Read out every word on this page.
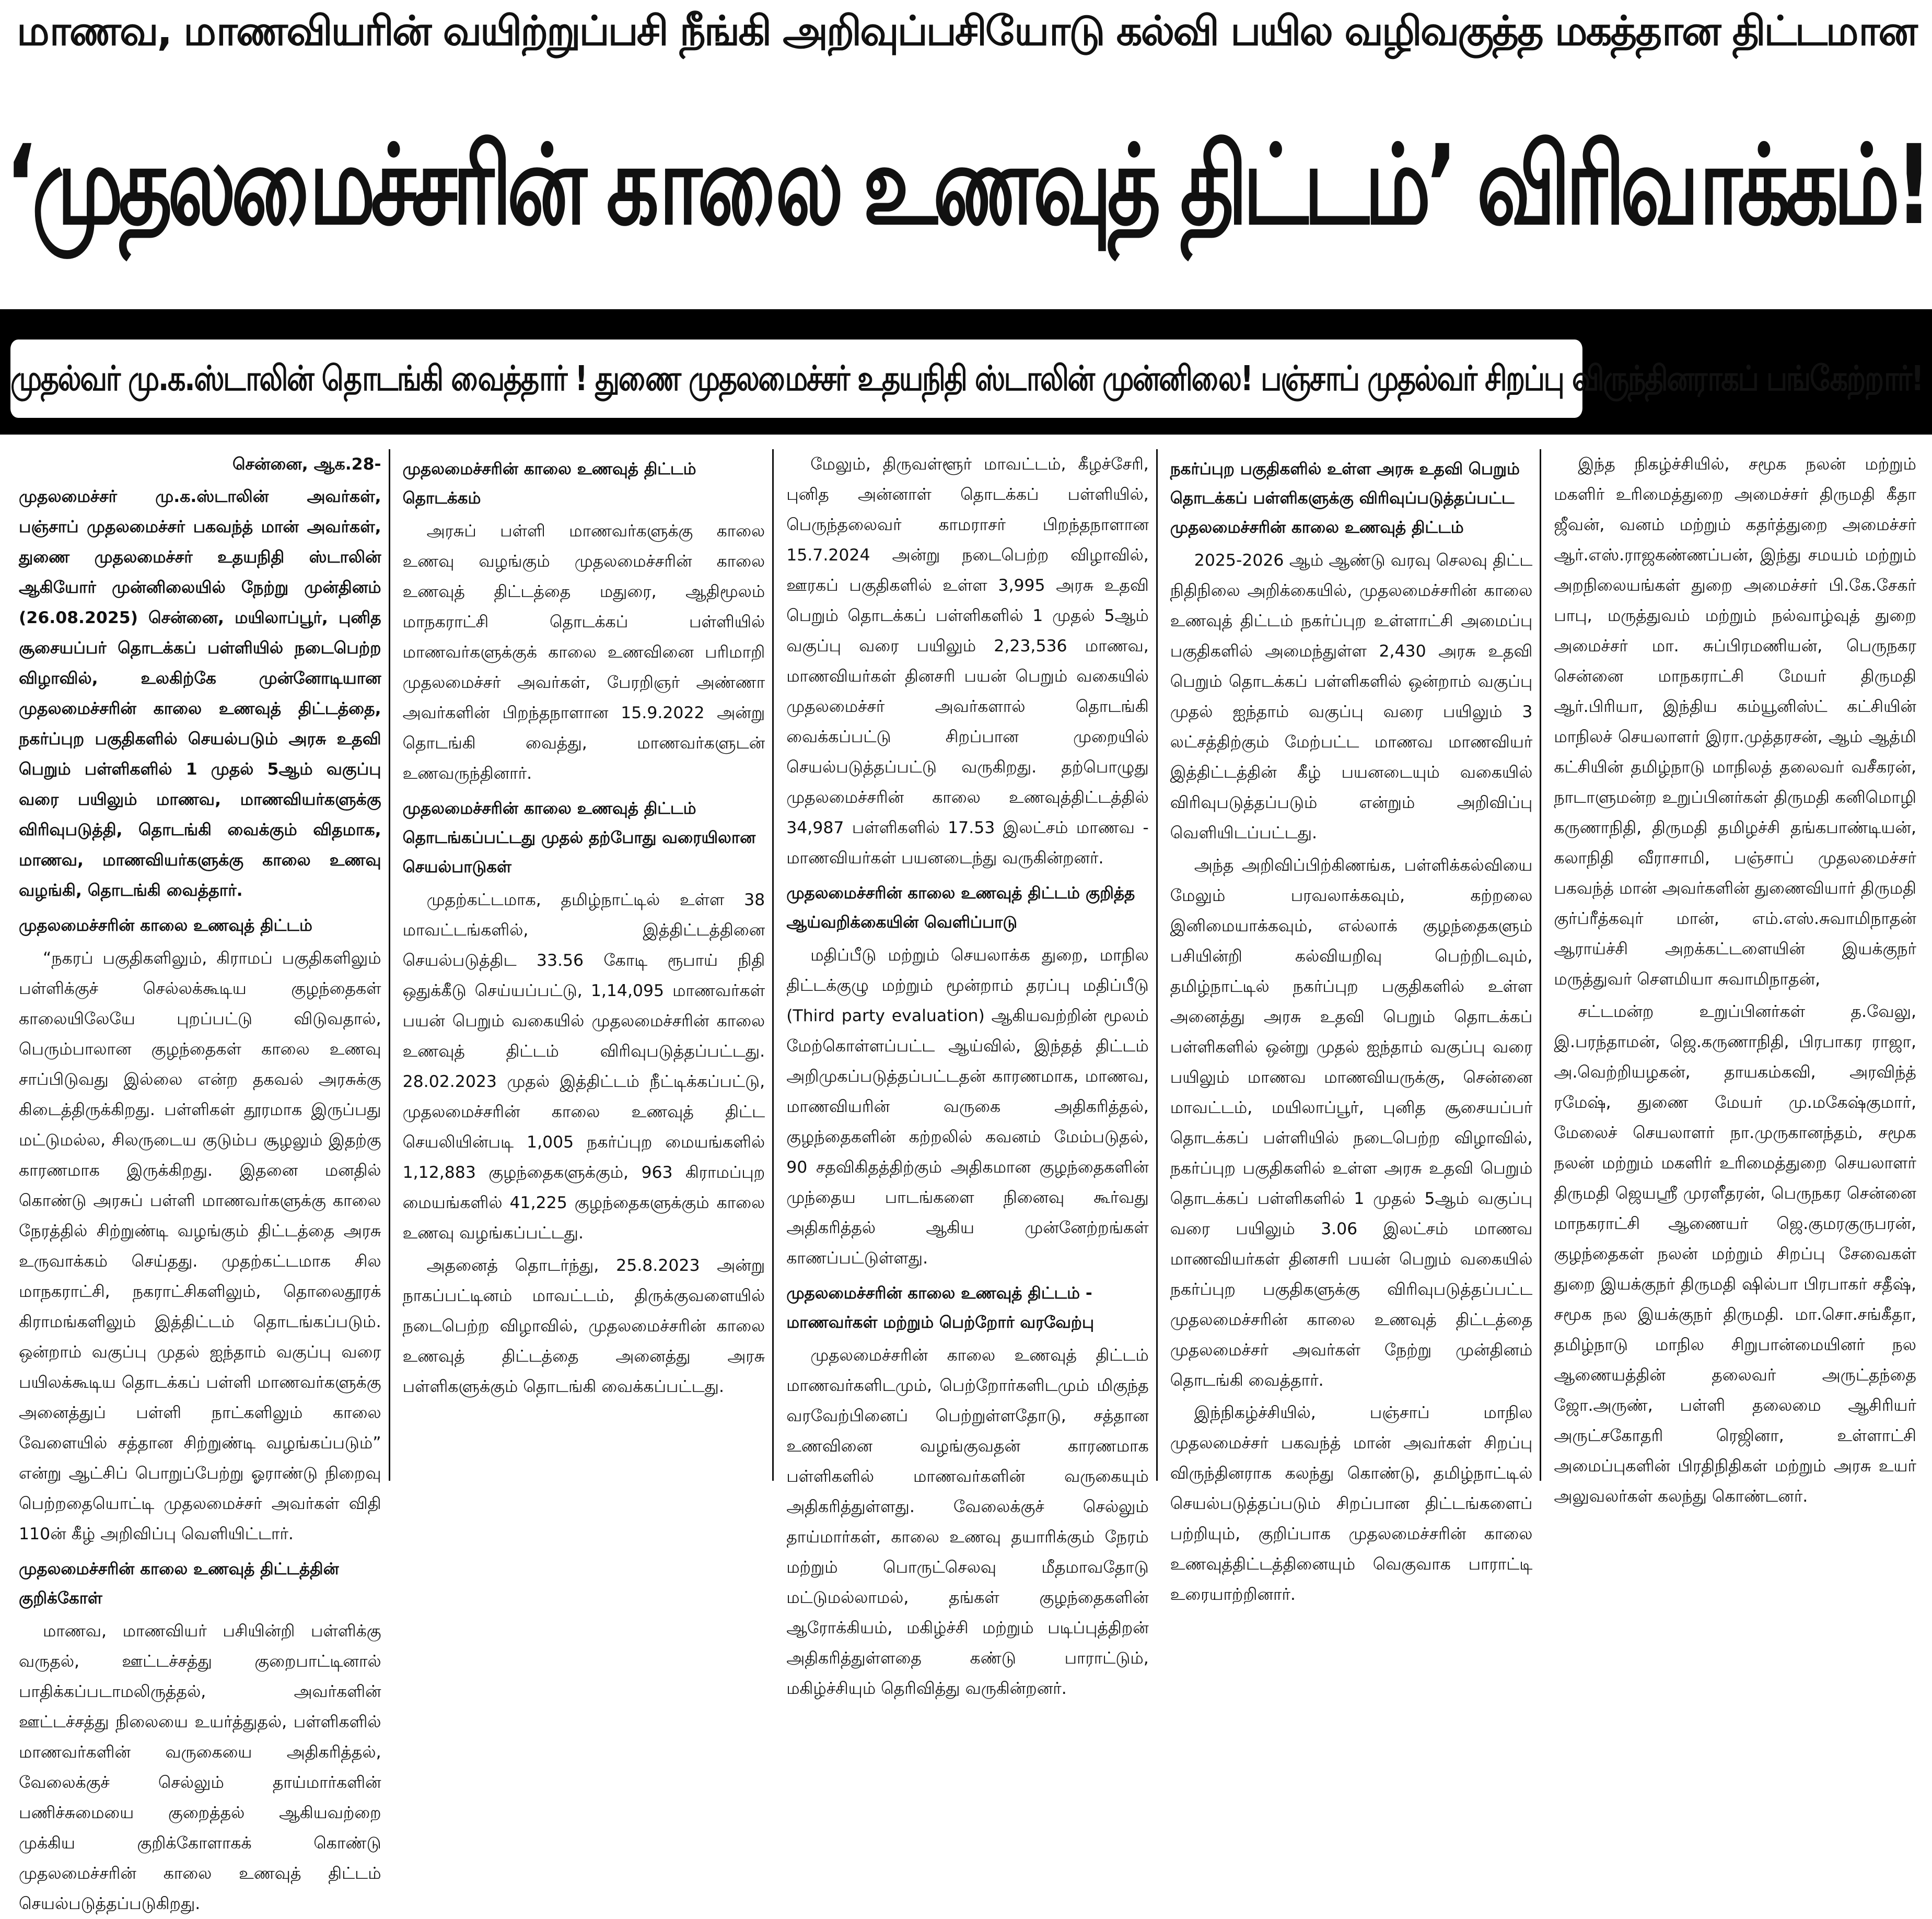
மாணவ, மாணவியரின் வயிற்றுப்பசி நீங்கி அறிவுப்பசியோடு கல்வி பயில வழிவகுத்த மகத்தான திட்டமான
‘முதலமைச்சரின் காலை உணவுத் திட்டம்’ விரிவாக்கம்!
முதல்வர் மு.க.ஸ்டாலின் தொடங்கி வைத்தார் ! துணை முதலமைச்சர் உதயநிதி ஸ்டாலின் முன்னிலை! பஞ்சாப் முதல்வர் சிறப்பு விருந்தினராகப் பங்கேற்றார்!

சென்னை, ஆக.28-

முதலமைச்சர் மு.க.ஸ்டாலின் அவர்கள், பஞ்சாப் முதலமைச்சர் பகவந்த் மான் அவர்கள், துணை முதலமைச்சர் உதயநிதி ஸ்டாலின் ஆகியோர் முன்னிலையில் நேற்று முன்தினம் (26.08.2025) சென்னை, மயிலாப்பூர், புனித சூசையப்பர் தொடக்கப் பள்ளியில் நடைபெற்ற விழாவில், உலகிற்கே முன்னோடியான முதலமைச்சரின் காலை உணவுத் திட்டத்தை, நகர்ப்புற பகுதிகளில் செயல்படும் அரசு உதவி பெறும் பள்ளிகளில் 1 முதல் 5ஆம் வகுப்பு வரை பயிலும் மாணவ, மாணவியர்களுக்கு விரிவுபடுத்தி, தொடங்கி வைக்கும் விதமாக, மாணவ, மாணவியர்களுக்கு காலை உணவு வழங்கி, தொடங்கி வைத்தார்.

முதலமைச்சரின் காலை உணவுத் திட்டம்

“நகரப் பகுதிகளிலும், கிராமப் பகுதிகளிலும் பள்ளிக்குச் செல்லக்கூடிய குழந்தைகள் காலையிலேயே புறப்பட்டு விடுவதால், பெரும்பாலான குழந்தைகள் காலை உணவு சாப்பிடுவது இல்லை என்ற தகவல் அரசுக்கு கிடைத்திருக்கிறது. பள்ளிகள் தூரமாக இருப்பது மட்டுமல்ல, சிலருடைய குடும்ப சூழலும் இதற்கு காரணமாக இருக்கிறது. இதனை மனதில் கொண்டு அரசுப் பள்ளி மாணவர்களுக்கு காலை நேரத்தில் சிற்றுண்டி வழங்கும் திட்டத்தை அரசு உருவாக்கம் செய்தது. முதற்கட்டமாக சில மாநகராட்சி, நகராட்சிகளிலும், தொலைதூரக் கிராமங்களிலும் இத்திட்டம் தொடங்கப்படும். ஒன்றாம் வகுப்பு முதல் ஐந்தாம் வகுப்பு வரை பயிலக்கூடிய தொடக்கப் பள்ளி மாணவர்களுக்கு அனைத்துப் பள்ளி நாட்களிலும் காலை வேளையில் சத்தான சிற்றுண்டி வழங்கப்படும்” என்று ஆட்சிப் பொறுப்பேற்று ஓராண்டு நிறைவு பெற்றதையொட்டி முதலமைச்சர் அவர்கள் விதி 110ன் கீழ் அறிவிப்பு வெளியிட்டார்.

முதலமைச்சரின் காலை உணவுத் திட்டத்தின் குறிக்கோள்

மாணவ, மாணவியர் பசியின்றி பள்ளிக்கு வருதல், ஊட்டச்சத்து குறைபாட்டினால் பாதிக்கப்படாமலிருத்தல், அவர்களின் ஊட்டச்சத்து நிலையை உயர்த்துதல், பள்ளிகளில் மாணவர்களின் வருகையை அதிகரித்தல், வேலைக்குச் செல்லும் தாய்மார்களின் பணிச்சுமையை குறைத்தல் ஆகியவற்றை முக்கிய குறிக்கோளாகக் கொண்டு முதலமைச்சரின் காலை உணவுத் திட்டம் செயல்படுத்தப்படுகிறது.

முதலமைச்சரின் காலை உணவுத் திட்டம் தொடக்கம்

அரசுப் பள்ளி மாணவர்களுக்கு காலை உணவு வழங்கும் முதலமைச்சரின் காலை உணவுத் திட்டத்தை மதுரை, ஆதிமூலம் மாநகராட்சி தொடக்கப் பள்ளியில் மாணவர்களுக்குக் காலை உணவினை பரிமாறி முதலமைச்சர் அவர்கள், பேரறிஞர் அண்ணா அவர்களின் பிறந்தநாளான 15.9.2022 அன்று தொடங்கி வைத்து, மாணவர்களுடன் உணவருந்தினார்.

முதலமைச்சரின் காலை உணவுத் திட்டம் தொடங்கப்பட்டது முதல் தற்போது வரையிலான செயல்பாடுகள்

முதற்கட்டமாக, தமிழ்நாட்டில் உள்ள 38 மாவட்டங்களில், இத்திட்டத்தினை செயல்படுத்திட 33.56 கோடி ரூபாய் நிதி ஒதுக்கீடு செய்யப்பட்டு, 1,14,095 மாணவர்கள் பயன் பெறும் வகையில் முதலமைச்சரின் காலை உணவுத் திட்டம் விரிவுபடுத்தப்பட்டது. 28.02.2023 முதல் இத்திட்டம் நீட்டிக்கப்பட்டு, முதலமைச்சரின் காலை உணவுத் திட்ட செயலியின்படி 1,005 நகர்ப்புற மையங்களில் 1,12,883 குழந்தைகளுக்கும், 963 கிராமப்புற மையங்களில் 41,225 குழந்தைகளுக்கும் காலை உணவு வழங்கப்பட்டது.

அதனைத் தொடர்ந்து, 25.8.2023 அன்று நாகப்பட்டினம் மாவட்டம், திருக்குவளையில் நடைபெற்ற விழாவில், முதலமைச்சரின் காலை உணவுத் திட்டத்தை அனைத்து அரசு பள்ளிகளுக்கும் தொடங்கி வைக்கப்பட்டது.

மேலும், திருவள்ளூர் மாவட்டம், கீழச்சேரி, புனித அன்னாள் தொடக்கப் பள்ளியில், பெருந்தலைவர் காமராசர் பிறந்தநாளான 15.7.2024 அன்று நடைபெற்ற விழாவில், ஊரகப் பகுதிகளில் உள்ள 3,995 அரசு உதவி பெறும் தொடக்கப் பள்ளிகளில் 1 முதல் 5ஆம் வகுப்பு வரை பயிலும் 2,23,536 மாணவ, மாணவியர்கள் தினசரி பயன் பெறும் வகையில் முதலமைச்சர் அவர்களால் தொடங்கி வைக்கப்பட்டு சிறப்பான முறையில் செயல்படுத்தப்பட்டு வருகிறது. தற்பொழுது முதலமைச்சரின் காலை உணவுத்திட்டத்தில் 34,987 பள்ளிகளில் 17.53 இலட்சம் மாணவ - மாணவியர்கள் பயனடைந்து வருகின்றனர்.

முதலமைச்சரின் காலை உணவுத் திட்டம் குறித்த ஆய்வறிக்கையின் வெளிப்பாடு

மதிப்பீடு மற்றும் செயலாக்க துறை, மாநில திட்டக்குழு மற்றும் மூன்றாம் தரப்பு மதிப்பீடு (Third party evaluation) ஆகியவற்றின் மூலம் மேற்கொள்ளப்பட்ட ஆய்வில், இந்தத் திட்டம் அறிமுகப்படுத்தப்பட்டதன் காரணமாக, மாணவ, மாணவியரின் வருகை அதிகரித்தல், குழந்தைகளின் கற்றலில் கவனம் மேம்படுதல், 90 சதவிகிதத்திற்கும் அதிகமான குழந்தைகளின் முந்தைய பாடங்களை நினைவு கூர்வது அதிகரித்தல் ஆகிய முன்னேற்றங்கள் காணப்பட்டுள்ளது.

முதலமைச்சரின் காலை உணவுத் திட்டம் - மாணவர்கள் மற்றும் பெற்றோர் வரவேற்பு

முதலமைச்சரின் காலை உணவுத் திட்டம் மாணவர்களிடமும், பெற்றோர்களிடமும் மிகுந்த வரவேற்பினைப் பெற்றுள்ளதோடு, சத்தான உணவினை வழங்குவதன் காரணமாக பள்ளிகளில் மாணவர்களின் வருகையும் அதிகரித்துள்ளது. வேலைக்குச் செல்லும் தாய்மார்கள், காலை உணவு தயாரிக்கும் நேரம் மற்றும் பொருட்செலவு மீதமாவதோடு மட்டுமல்லாமல், தங்கள் குழந்தைகளின் ஆரோக்கியம், மகிழ்ச்சி மற்றும் படிப்புத்திறன் அதிகரித்துள்ளதை கண்டு பாராட்டும், மகிழ்ச்சியும் தெரிவித்து வருகின்றனர்.

நகர்ப்புற பகுதிகளில் உள்ள அரசு உதவி பெறும் தொடக்கப் பள்ளிகளுக்கு விரிவுப்படுத்தப்பட்ட முதலமைச்சரின் காலை உணவுத் திட்டம்

2025-2026 ஆம் ஆண்டு வரவு செலவு திட்ட நிதிநிலை அறிக்கையில், முதலமைச்சரின் காலை உணவுத் திட்டம் நகர்ப்புற உள்ளாட்சி அமைப்பு பகுதிகளில் அமைந்துள்ள 2,430 அரசு உதவி பெறும் தொடக்கப் பள்ளிகளில் ஒன்றாம் வகுப்பு முதல் ஐந்தாம் வகுப்பு வரை பயிலும் 3 லட்சத்திற்கும் மேற்பட்ட மாணவ மாணவியர் இத்திட்டத்தின் கீழ் பயனடையும் வகையில் விரிவுபடுத்தப்படும் என்றும் அறிவிப்பு வெளியிடப்பட்டது.

அந்த அறிவிப்பிற்கிணங்க, பள்ளிக்கல்வியை மேலும் பரவலாக்கவும், கற்றலை இனிமையாக்கவும், எல்லாக் குழந்தைகளும் பசியின்றி கல்வியறிவு பெற்றிடவும், தமிழ்நாட்டில் நகர்ப்புற பகுதிகளில் உள்ள அனைத்து அரசு உதவி பெறும் தொடக்கப் பள்ளிகளில் ஒன்று முதல் ஐந்தாம் வகுப்பு வரை பயிலும் மாணவ மாணவியருக்கு, சென்னை மாவட்டம், மயிலாப்பூர், புனித சூசையப்பர் தொடக்கப் பள்ளியில் நடைபெற்ற விழாவில், நகர்ப்புற பகுதிகளில் உள்ள அரசு உதவி பெறும் தொடக்கப் பள்ளிகளில் 1 முதல் 5ஆம் வகுப்பு வரை பயிலும் 3.06 இலட்சம் மாணவ மாணவியர்கள் தினசரி பயன் பெறும் வகையில் நகர்ப்புற பகுதிகளுக்கு விரிவுபடுத்தப்பட்ட முதலமைச்சரின் காலை உணவுத் திட்டத்தை முதலமைச்சர் அவர்கள் நேற்று முன்தினம் தொடங்கி வைத்தார்.

இந்நிகழ்ச்சியில், பஞ்சாப் மாநில முதலமைச்சர் பகவந்த் மான் அவர்கள் சிறப்பு விருந்தினராக கலந்து கொண்டு, தமிழ்நாட்டில் செயல்படுத்தப்படும் சிறப்பான திட்டங்களைப் பற்றியும், குறிப்பாக முதலமைச்சரின் காலை உணவுத்திட்டத்தினையும் வெகுவாக பாராட்டி உரையாற்றினார்.

இந்த நிகழ்ச்சியில், சமூக நலன் மற்றும் மகளிர் உரிமைத்துறை அமைச்சர் திருமதி கீதா ஜீவன், வனம் மற்றும் கதர்த்துறை அமைச்சர் ஆர்.எஸ்.ராஜகண்ணப்பன், இந்து சமயம் மற்றும் அறநிலையங்கள் துறை அமைச்சர் பி.கே.சேகர் பாபு, மருத்துவம் மற்றும் நல்வாழ்வுத் துறை அமைச்சர் மா. சுப்பிரமணியன், பெருநகர சென்னை மாநகராட்சி மேயர் திருமதி ஆர்.பிரியா, இந்திய கம்யூனிஸ்ட் கட்சியின் மாநிலச் செயலாளர் இரா.முத்தரசன், ஆம் ஆத்மி கட்சியின் தமிழ்நாடு மாநிலத் தலைவர் வசீகரன், நாடாளுமன்ற உறுப்பினர்கள் திருமதி கனிமொழி கருணாநிதி, திருமதி தமிழச்சி தங்கபாண்டியன், கலாநிதி வீராசாமி, பஞ்சாப் முதலமைச்சர் பகவந்த் மான் அவர்களின் துணைவியார் திருமதி குர்ப்ரீத்கவுர் மான், எம்.எஸ்.சுவாமிநாதன் ஆராய்ச்சி அறக்கட்டளையின் இயக்குநர் மருத்துவர் சௌமியா சுவாமிநாதன்,

சட்டமன்ற உறுப்பினர்கள் த.வேலு, இ.பரந்தாமன், ஜெ.கருணாநிதி, பிரபாகர ராஜா, அ.வெற்றியழகன், தாயகம்கவி, அரவிந்த் ரமேஷ், துணை மேயர் மு.மகேஷ்குமார், மேலைச் செயலாளர் நா.முருகானந்தம், சமூக நலன் மற்றும் மகளிர் உரிமைத்துறை செயலாளர் திருமதி ஜெயஸ்ரீ முரளீதரன், பெருநகர சென்னை மாநகராட்சி ஆணையர் ஜெ.குமரகுருபரன், குழந்தைகள் நலன் மற்றும் சிறப்பு சேவைகள் துறை இயக்குநர் திருமதி ஷில்பா பிரபாகர் சதீஷ், சமூக நல இயக்குநர் திருமதி. மா.சொ.சங்கீதா, தமிழ்நாடு மாநில சிறுபான்மையினர் நல ஆணையத்தின் தலைவர் அருட்தந்தை ஜோ.அருண், பள்ளி தலைமை ஆசிரியர் அருட்சகோதரி ரெஜினா, உள்ளாட்சி அமைப்புகளின் பிரதிநிதிகள் மற்றும் அரசு உயர் அலுவலர்கள் கலந்து கொண்டனர்.
